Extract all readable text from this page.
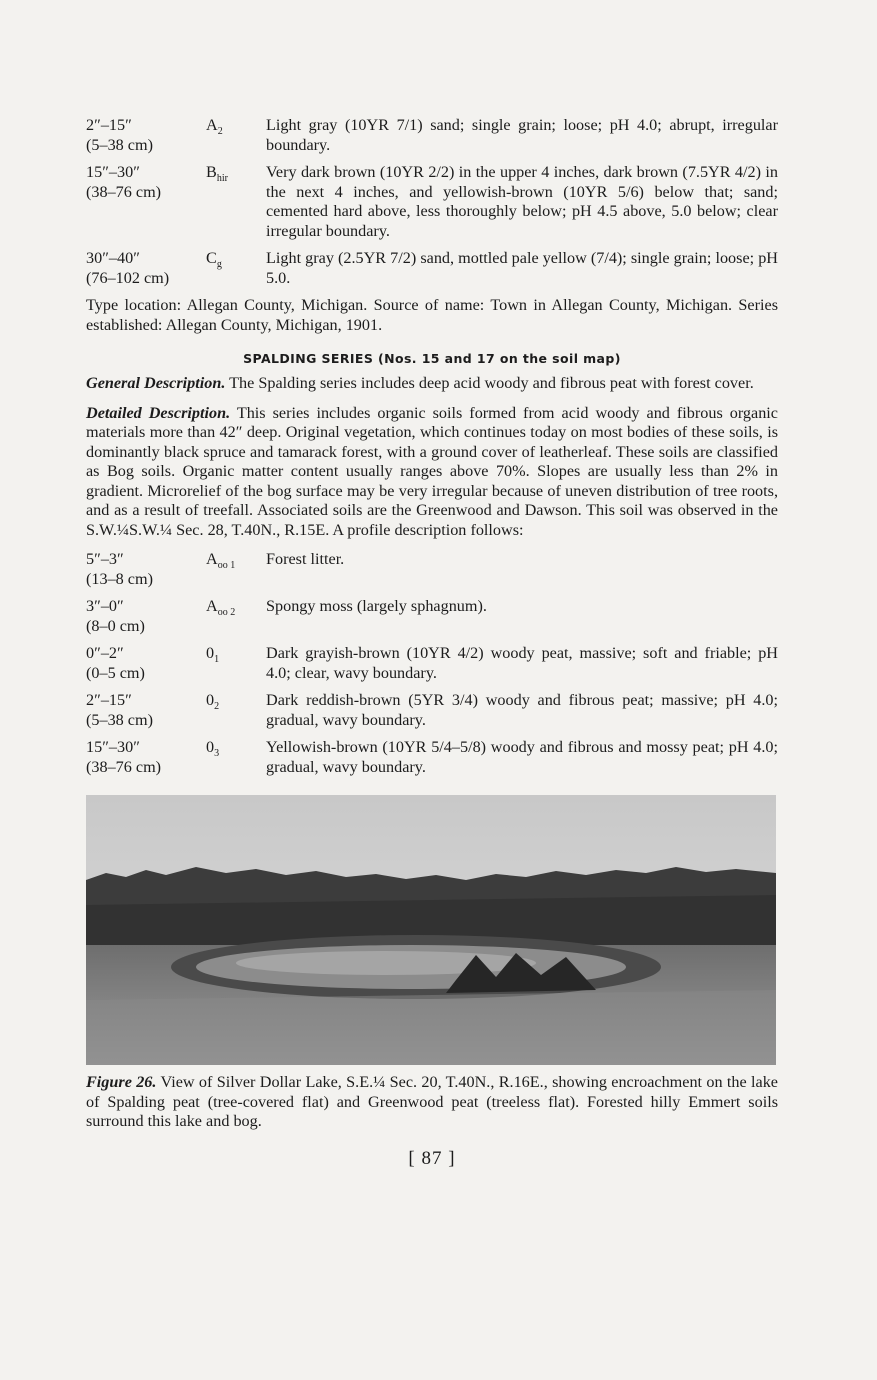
2″–15″
(5–38 cm)
$A_2$	Light gray (10YR 7/1) sand; single grain; loose; pH 4.0; abrupt, irregular boundary.
15″–30″
(38–76 cm)
$B_{hir}$	Very dark brown (10YR 2/2) in the upper 4 inches, dark brown (7.5YR 4/2) in the next 4 inches, and yellowish-brown (10YR 5/6) below that; sand; cemented hard above, less thoroughly below; pH 4.5 above, 5.0 below; clear irregular boundary.
30″–40″
(76–102 cm)
$C_g$	Light gray (2.5YR 7/2) sand, mottled pale yellow (7/4); single grain; loose; pH 5.0.

Type location: Allegan County, Michigan. Source of name: Town in Allegan County, Michigan. Series established: Allegan County, Michigan, 1901.

SPALDING SERIES (Nos. 15 and 17 on the soil map)

General Description. The Spalding series includes deep acid woody and fibrous peat with forest cover.

Detailed Description. This series includes organic soils formed from acid woody and fibrous organic materials more than 42″ deep. Original vegetation, which continues today on most bodies of these soils, is dominantly black spruce and tamarack forest, with a ground cover of leatherleaf. These soils are classified as Bog soils. Organic matter content usually ranges above 70%. Slopes are usually less than 2% in gradient. Microrelief of the bog surface may be very irregular because of uneven distribution of tree roots, and as a result of treefall. Associated soils are the Greenwood and Dawson. This soil was observed in the S.W.¼S.W.¼ Sec. 28, T.40N., R.15E. A profile description follows:

5″–3″
(13–8 cm)
$A_{oo 1}$	Forest litter.
3″–0″
(8–0 cm)
$A_{oo 2}$	Spongy moss (largely sphagnum).
0″–2″
(0–5 cm)
$0_1$	Dark grayish-brown (10YR 4/2) woody peat, massive; soft and friable; pH 4.0; clear, wavy boundary.
2″–15″
(5–38 cm)
$0_2$	Dark reddish-brown (5YR 3/4) woody and fibrous peat; massive; pH 4.0; gradual, wavy boundary.
15″–30″
(38–76 cm)
$0_3$	Yellowish-brown (10YR 5/4–5/8) woody and fibrous and mossy peat; pH 4.0; gradual, wavy boundary.

Figure 26. View of Silver Dollar Lake, S.E.¼ Sec. 20, T.40N., R.16E., showing encroachment on the lake of Spalding peat (tree-covered flat) and Greenwood peat (treeless flat). Forested hilly Emmert soils surround this lake and bog.

[ 87 ]
